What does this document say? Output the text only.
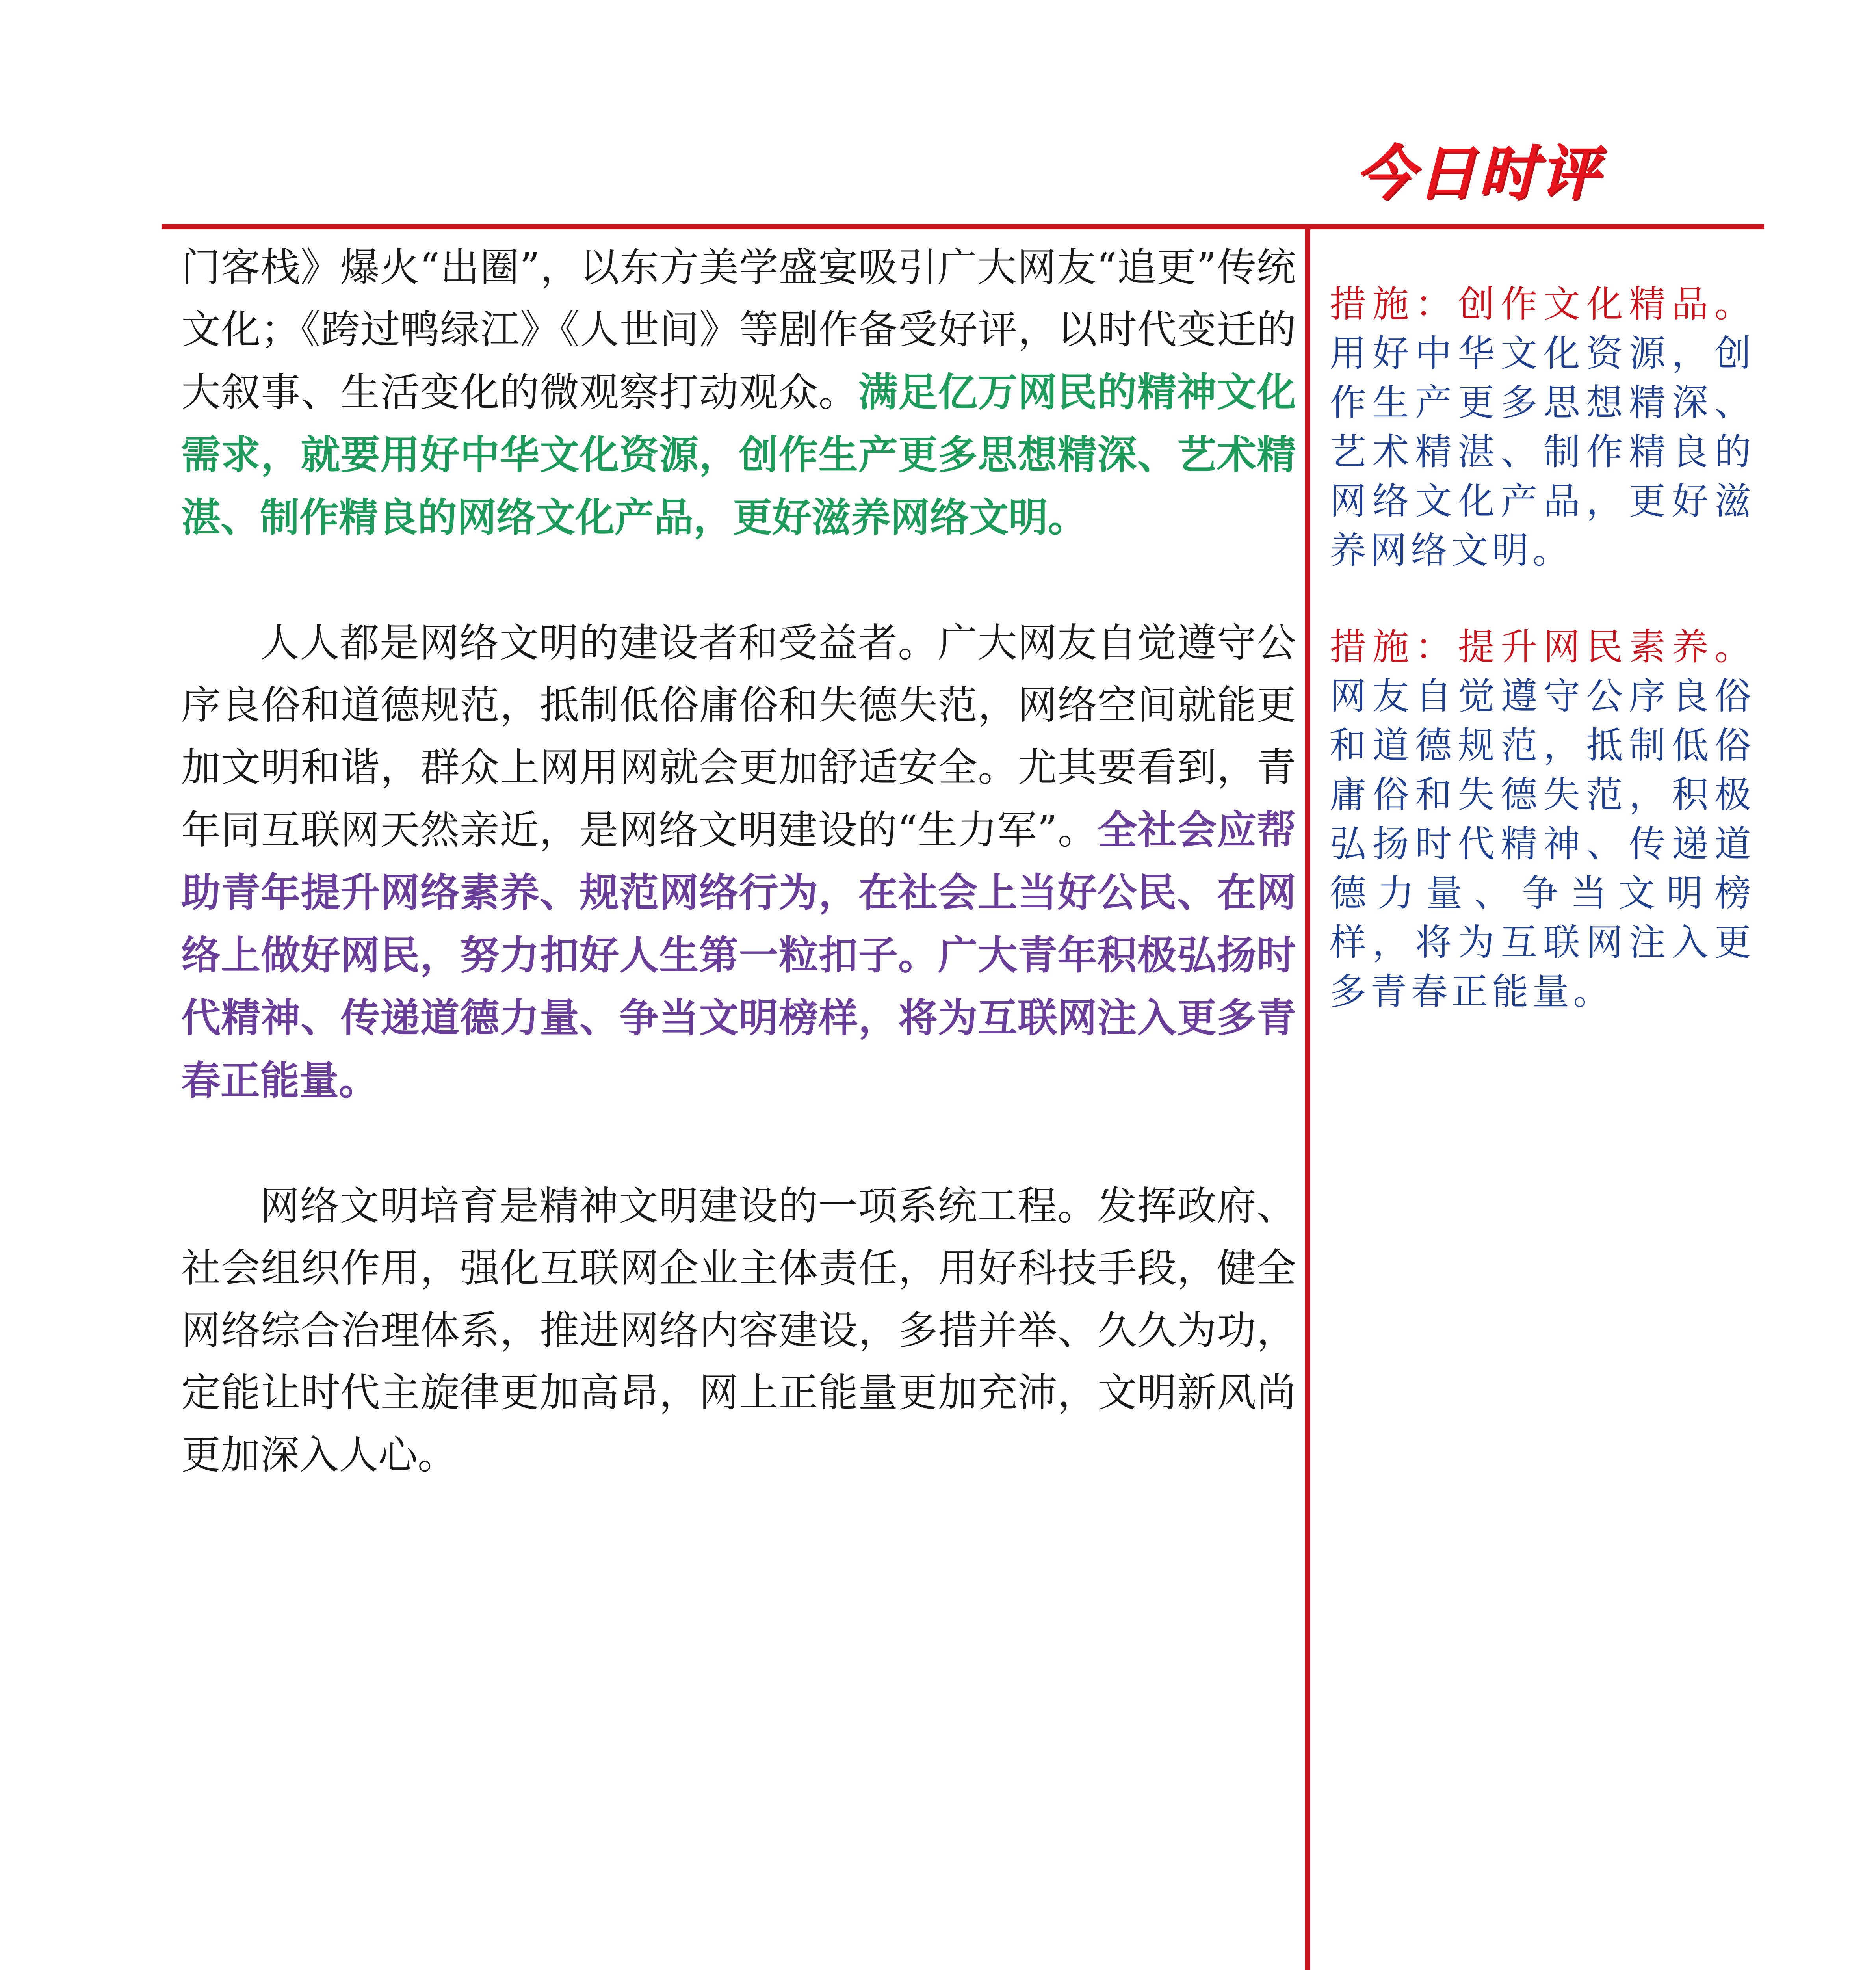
今日时评

门客栈》爆火“出圈”，以东方美学盛宴吸引广大网友“追更”传统文化；《跨过鸭绿江》《人世间》等剧作备受好评，以时代变迁的大叙事、生活变化的微观察打动观众。满足亿万网民的精神文化需求，就要用好中华文化资源，创作生产更多思想精深、艺术精湛、制作精良的网络文化产品，更好滋养网络文明。

人人都是网络文明的建设者和受益者。广大网友自觉遵守公序良俗和道德规范，抵制低俗庸俗和失德失范，网络空间就能更加文明和谐，群众上网用网就会更加舒适安全。尤其要看到，青年同互联网天然亲近，是网络文明建设的“生力军”。全社会应帮助青年提升网络素养、规范网络行为，在社会上当好公民、在网络上做好网民，努力扣好人生第一粒扣子。广大青年积极弘扬时代精神、传递道德力量、争当文明榜样，将为互联网注入更多青春正能量。

网络文明培育是精神文明建设的一项系统工程。发挥政府、社会组织作用，强化互联网企业主体责任，用好科技手段，健全网络综合治理体系，推进网络内容建设，多措并举、久久为功，定能让时代主旋律更加高昂，网上正能量更加充沛，文明新风尚更加深入人心。

措施：创作文化精品。用好中华文化资源，创作生产更多思想精深、艺术精湛、制作精良的网络文化产品，更好滋养网络文明。

措施：提升网民素养。网友自觉遵守公序良俗和道德规范，抵制低俗庸俗和失德失范，积极弘扬时代精神、传递道德力量、争当文明榜样，将为互联网注入更多青春正能量。
